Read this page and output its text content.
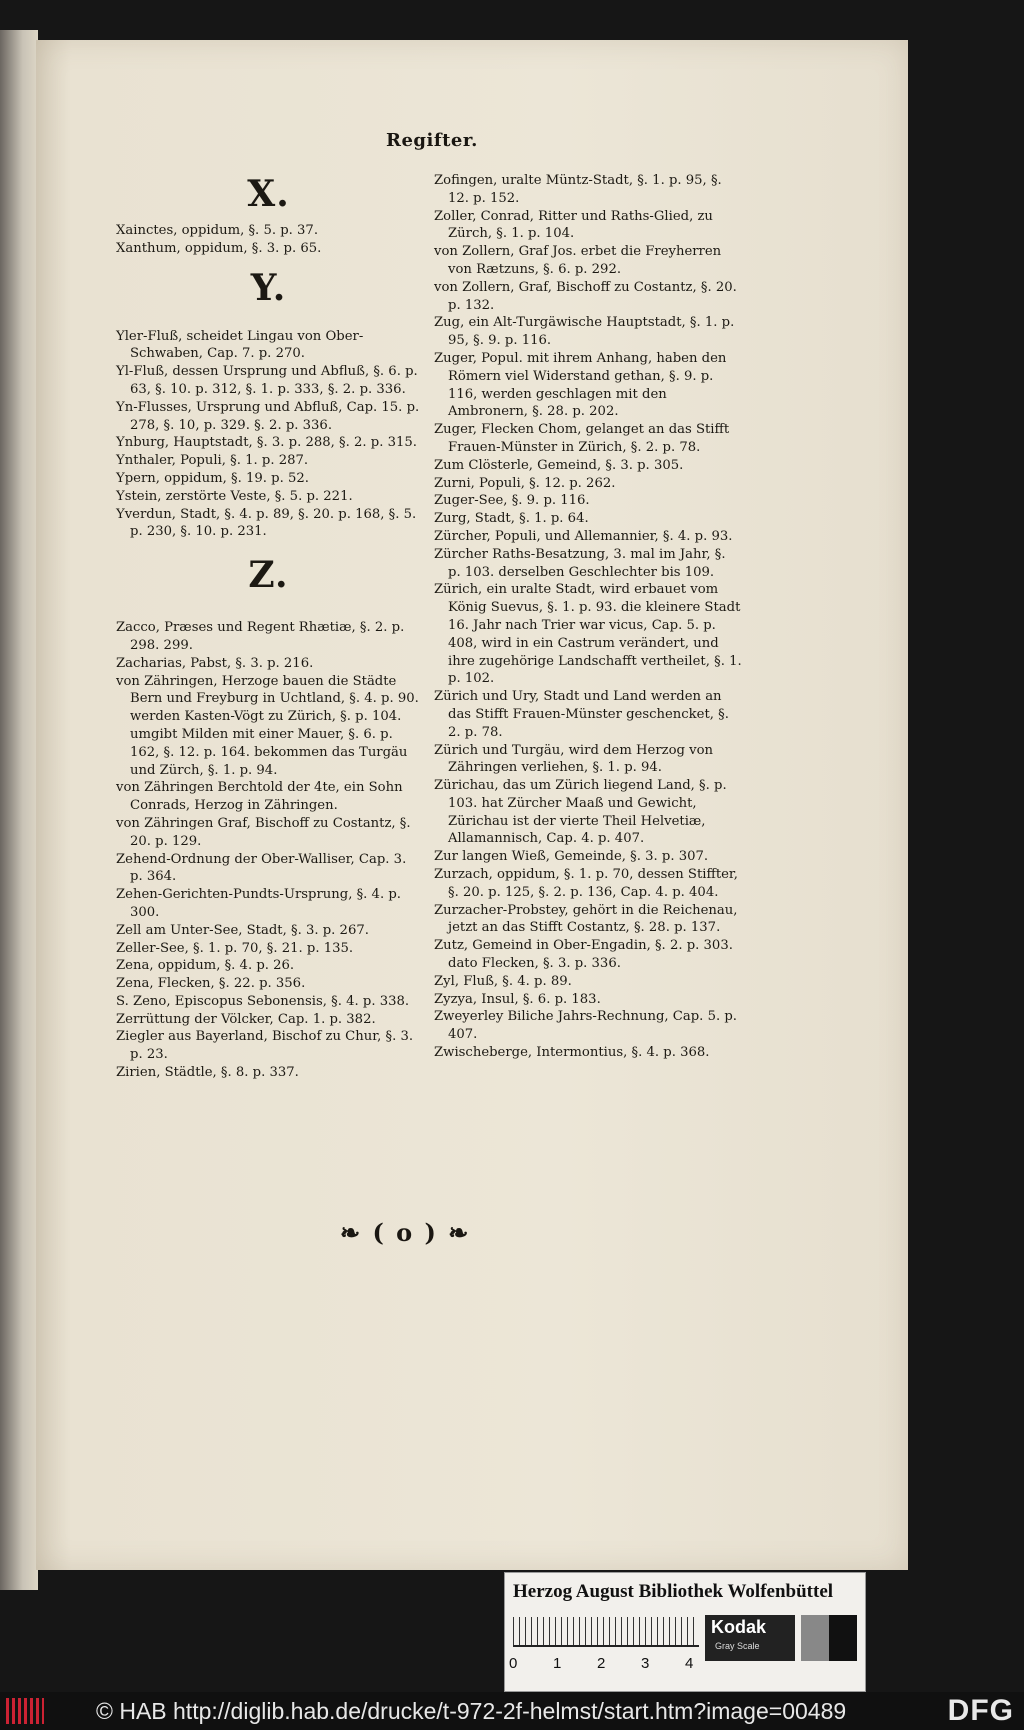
Regifter.

X.

Xainctes, oppidum, §. 5. p. 37.

Xanthum, oppidum, §. 3. p. 65.

Y.

Yler-Fluß, scheidet Lingau von Ober-Schwaben, Cap. 7. p. 270.

Yl-Fluß, dessen Ursprung und Abfluß, §. 6. p. 63, §. 10. p. 312, §. 1. p. 333, §. 2. p. 336.

Yn-Flusses, Ursprung und Abfluß, Cap. 15. p. 278, §. 10, p. 329. §. 2. p. 336.

Ynburg, Hauptstadt, §. 3. p. 288, §. 2. p. 315.

Ynthaler, Populi, §. 1. p. 287.

Ypern, oppidum, §. 19. p. 52.

Ystein, zerstörte Veste, §. 5. p. 221.

Yverdun, Stadt, §. 4. p. 89, §. 20. p. 168, §. 5. p. 230, §. 10. p. 231.

Z.

Zacco, Præses und Regent Rhætiæ, §. 2. p. 298. 299.

Zacharias, Pabst, §. 3. p. 216.

von Zähringen, Herzoge bauen die Städte Bern und Freyburg in Uchtland, §. 4. p. 90. werden Kasten-Vögt zu Zürich, §. p. 104. umgibt Milden mit einer Mauer, §. 6. p. 162, §. 12. p. 164. bekommen das Turgäu und Zürch, §. 1. p. 94.

von Zähringen Berchtold der 4te, ein Sohn Conrads, Herzog in Zähringen.

von Zähringen Graf, Bischoff zu Costantz, §. 20. p. 129.

Zehend-Ordnung der Ober-Walliser, Cap. 3. p. 364.

Zehen-Gerichten-Pundts-Ursprung, §. 4. p. 300.

Zell am Unter-See, Stadt, §. 3. p. 267.

Zeller-See, §. 1. p. 70, §. 21. p. 135.

Zena, oppidum, §. 4. p. 26.

Zena, Flecken, §. 22. p. 356.

S. Zeno, Episcopus Sebonensis, §. 4. p. 338.

Zerrüttung der Völcker, Cap. 1. p. 382.

Ziegler aus Bayerland, Bischof zu Chur, §. 3. p. 23.

Zirien, Städtle, §. 8. p. 337.

Zofingen, uralte Müntz-Stadt, §. 1. p. 95, §. 12. p. 152.

Zoller, Conrad, Ritter und Raths-Glied, zu Zürch, §. 1. p. 104.

von Zollern, Graf Jos. erbet die Freyherren von Rætzuns, §. 6. p. 292.

von Zollern, Graf, Bischoff zu Costantz, §. 20. p. 132.

Zug, ein Alt-Turgäwische Hauptstadt, §. 1. p. 95, §. 9. p. 116.

Zuger, Popul. mit ihrem Anhang, haben den Römern viel Widerstand gethan, §. 9. p. 116, werden geschlagen mit den Ambronern, §. 28. p. 202.

Zuger, Flecken Chom, gelanget an das Stifft Frauen-Münster in Zürich, §. 2. p. 78.

Zum Clösterle, Gemeind, §. 3. p. 305.

Zurni, Populi, §. 12. p. 262.

Zuger-See, §. 9. p. 116.

Zurg, Stadt, §. 1. p. 64.

Zürcher, Populi, und Allemannier, §. 4. p. 93.

Zürcher Raths-Besatzung, 3. mal im Jahr, §. p. 103. derselben Geschlechter bis 109.

Zürich, ein uralte Stadt, wird erbauet vom König Suevus, §. 1. p. 93. die kleinere Stadt 16. Jahr nach Trier war vicus, Cap. 5. p. 408, wird in ein Castrum verändert, und ihre zugehörige Landschafft vertheilet, §. 1. p. 102.

Zürich und Ury, Stadt und Land werden an das Stifft Frauen-Münster geschencket, §. 2. p. 78.

Zürich und Turgäu, wird dem Herzog von Zähringen verliehen, §. 1. p. 94.

Zürichau, das um Zürich liegend Land, §. p. 103. hat Zürcher Maaß und Gewicht, Zürichau ist der vierte Theil Helvetiæ, Allamannisch, Cap. 4. p. 407.

Zur langen Wieß, Gemeinde, §. 3. p. 307.

Zurzach, oppidum, §. 1. p. 70, dessen Stiffter, §. 20. p. 125, §. 2. p. 136, Cap. 4. p. 404.

Zurzacher-Probstey, gehört in die Reichenau, jetzt an das Stifft Costantz, §. 28. p. 137.

Zutz, Gemeind in Ober-Engadin, §. 2. p. 303. dato Flecken, §. 3. p. 336.

Zyl, Fluß, §. 4. p. 89.

Zyzya, Insul, §. 6. p. 183.

Zweyerley Biliche Jahrs-Rechnung, Cap. 5. p. 407.

Zwischeberge, Intermontius, §. 4. p. 368.

❧ ( o ) ❧
Herzog August Bibliothek Wolfenbüttel
0 1 2 3 4
Kodak
Gray Scale
© HAB http://diglib.hab.de/drucke/t-972-2f-helmst/start.htm?image=00489	DFG
